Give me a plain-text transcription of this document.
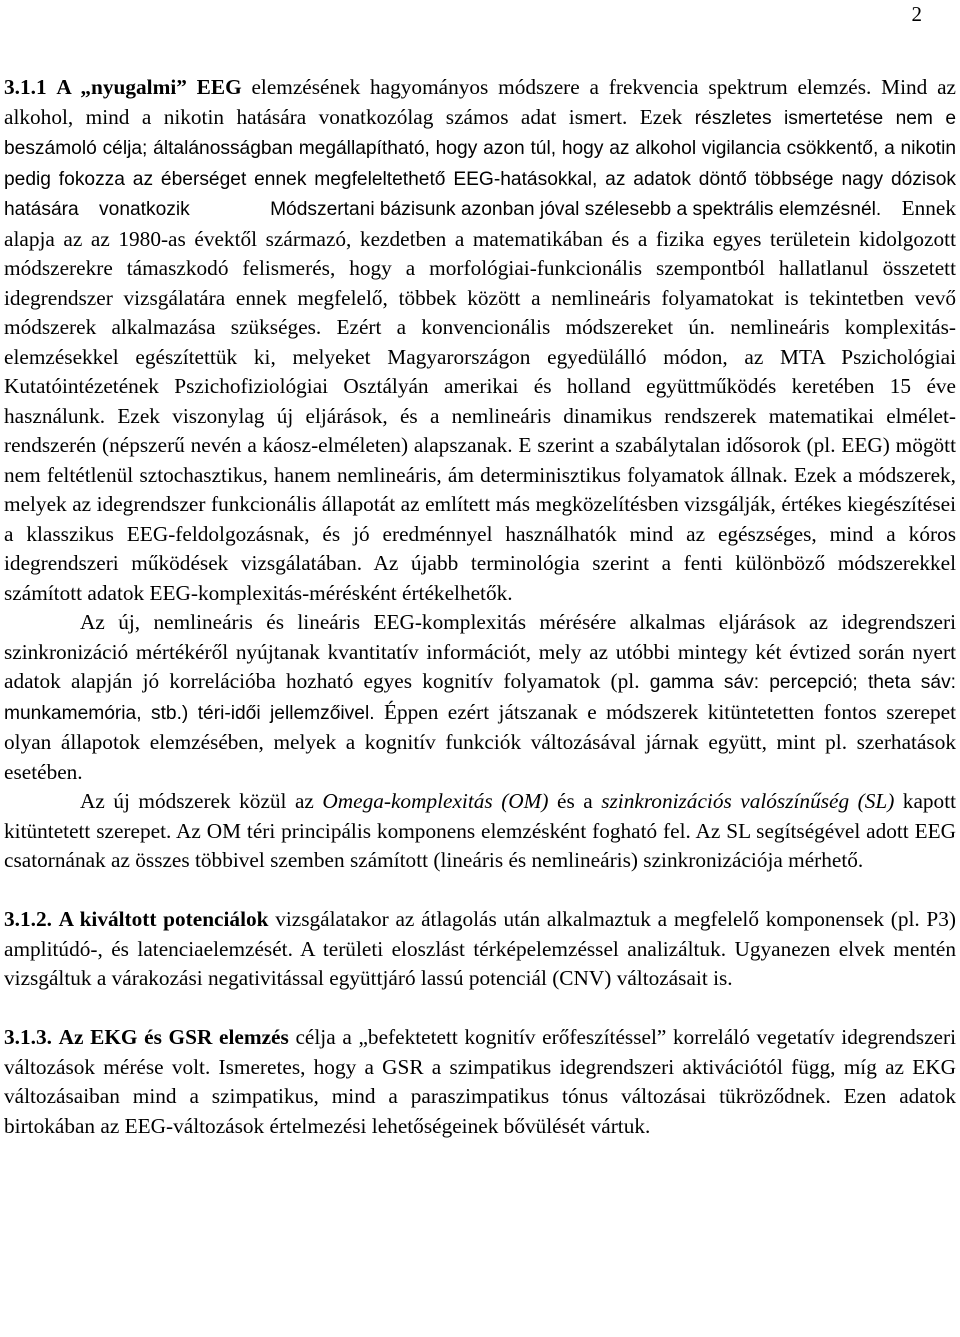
2

3.1.1 A „nyugalmi” EEG elemzésének hagyományos módszere a frekvencia spektrum elemzés. Mind az alkohol, mind a nikotin hatására vonatkozólag számos adat ismert. Ezek részletes ismertetése nem e beszámoló célja; általánosságban megállapítható, hogy azon túl, hogy az alkohol vigilancia csökkentő, a nikotin pedig fokozza az éberséget ennek megfeleltethető EEG-hatásokkal, az adatok döntő többsége nagy dózisok hatására vonatkozik	Módszertani bázisunk azonban jóval szélesebb a spektrális elemzésnél. Ennek alapja az az 1980-as évektől származó, kezdetben a matematikában és a fizika egyes területein kidolgozott módszerekre támaszkodó felismerés, hogy a morfológiai-funkcionális szempontból hallatlanul összetett idegrendszer vizsgálatára ennek megfelelő, többek között a nemlineáris folyamatokat is tekintetben vevő módszerek alkalmazása szükséges. Ezért a konvencionális módszereket ún. nemlineáris komplexitás-elemzésekkel egészítettük ki, melyeket Magyarországon egyedülálló módon, az MTA Pszichológiai Kutatóintézetének Pszichofiziológiai Osztályán amerikai és holland együttműködés keretében 15 éve használunk. Ezek viszonylag új eljárások, és a nemlineáris dinamikus rendszerek matematikai elmélet-rendszerén (népszerű nevén a káosz-elméleten) alapszanak. E szerint a szabálytalan idősorok (pl. EEG) mögött nem feltétlenül sztochasztikus, hanem nemlineáris, ám determinisztikus folyamatok állnak. Ezek a módszerek, melyek az idegrendszer funkcionális állapotát az említett más megközelítésben vizsgálják, értékes kiegészítései a klasszikus EEG-feldolgozásnak, és jó eredménnyel használhatók mind az egészséges, mind a kóros idegrendszeri működések vizsgálatában. Az újabb terminológia szerint a fenti különböző módszerekkel számított adatok EEG-komplexitás-mérésként értékelhetők.

Az új, nemlineáris és lineáris EEG-komplexitás mérésére alkalmas eljárások az idegrendszeri szinkronizáció mértékéről nyújtanak kvantitatív információt, mely az utóbbi mintegy két évtized során nyert adatok alapján jó korrelációba hozható egyes kognitív folyamatok (pl. gamma sáv: percepció; theta sáv: munkamemória, stb.) téri-idői jellemzőivel. Éppen ezért játszanak e módszerek kitüntetetten fontos szerepet olyan állapotok elemzésében, melyek a kognitív funkciók változásával járnak együtt, mint pl. szerhatások esetében.

Az új módszerek közül az Omega-komplexitás (OM) és a szinkronizációs valószínűség (SL) kapott kitüntetett szerepet. Az OM téri principális komponens elemzésként fogható fel. Az SL segítségével adott EEG csatornának az összes többivel szemben számított (lineáris és nemlineáris) szinkronizációja mérhető.

3.1.2. A kiváltott potenciálok vizsgálatakor az átlagolás után alkalmaztuk a megfelelő komponensek (pl. P3) amplitúdó-, és latenciaelemzését. A területi eloszlást térképelemzéssel analizáltuk. Ugyanezen elvek mentén vizsgáltuk a várakozási negativitással együttjáró lassú potenciál (CNV) változásait is.

3.1.3. Az EKG és GSR elemzés célja a „befektetett kognitív erőfeszítéssel” korreláló vegetatív idegrendszeri változások mérése volt. Ismeretes, hogy a GSR a szimpatikus idegrendszeri aktivációtól függ, míg az EKG változásaiban mind a szimpatikus, mind a paraszimpatikus tónus változásai tükröződnek. Ezen adatok birtokában az EEG-változások értelmezési lehetőségeinek bővülését vártuk.
